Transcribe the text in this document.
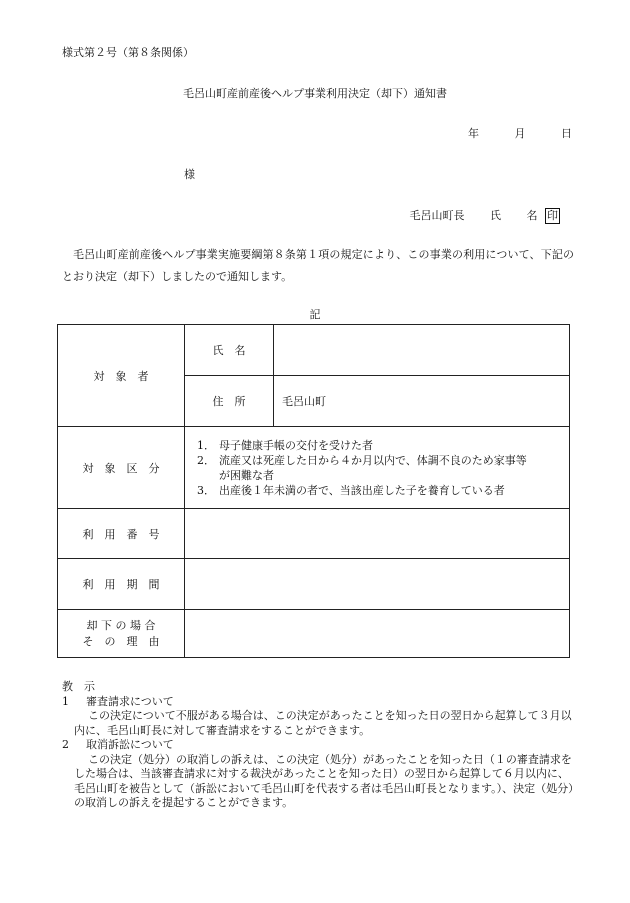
様式第２号（第８条関係）
毛呂山町産前産後ヘルプ事業利用決定（却下）通知書
年	月	日
様
毛呂山町長 氏 名 印
毛呂山町産前産後ヘルプ事業実施要綱第８条第１項の規定により、この事業の利用について、下記のとおり決定（却下）しましたので通知します。
記
対　象　者	氏　名	
	住　所	毛呂山町
対　象　区　分	1． 母子健康手帳の交付を受けた者
2． 流産又は死産した日から４か月以内で、体調不良のため家事等
が困難な者
3． 出産後１年未満の者で、当該出産した子を養育している者	

利　用　番　号		
利　用　期　間		

却 下 の 場 合
そ　の　理　由		

教　示
1 審査請求について
この決定について不服がある場合は、この決定があったことを知った日の翌日から起算して３月以内に、毛呂山町長に対して審査請求をすることができます。
2 取消訴訟について
この決定（処分）の取消しの訴えは、この決定（処分）があったことを知った日（１の審査請求をした場合は、当該審査請求に対する裁決があったことを知った日）の翌日から起算して６月以内に、毛呂山町を被告として（訴訟において毛呂山町を代表する者は毛呂山町長となります。）、決定（処分）の取消しの訴えを提起することができます。
